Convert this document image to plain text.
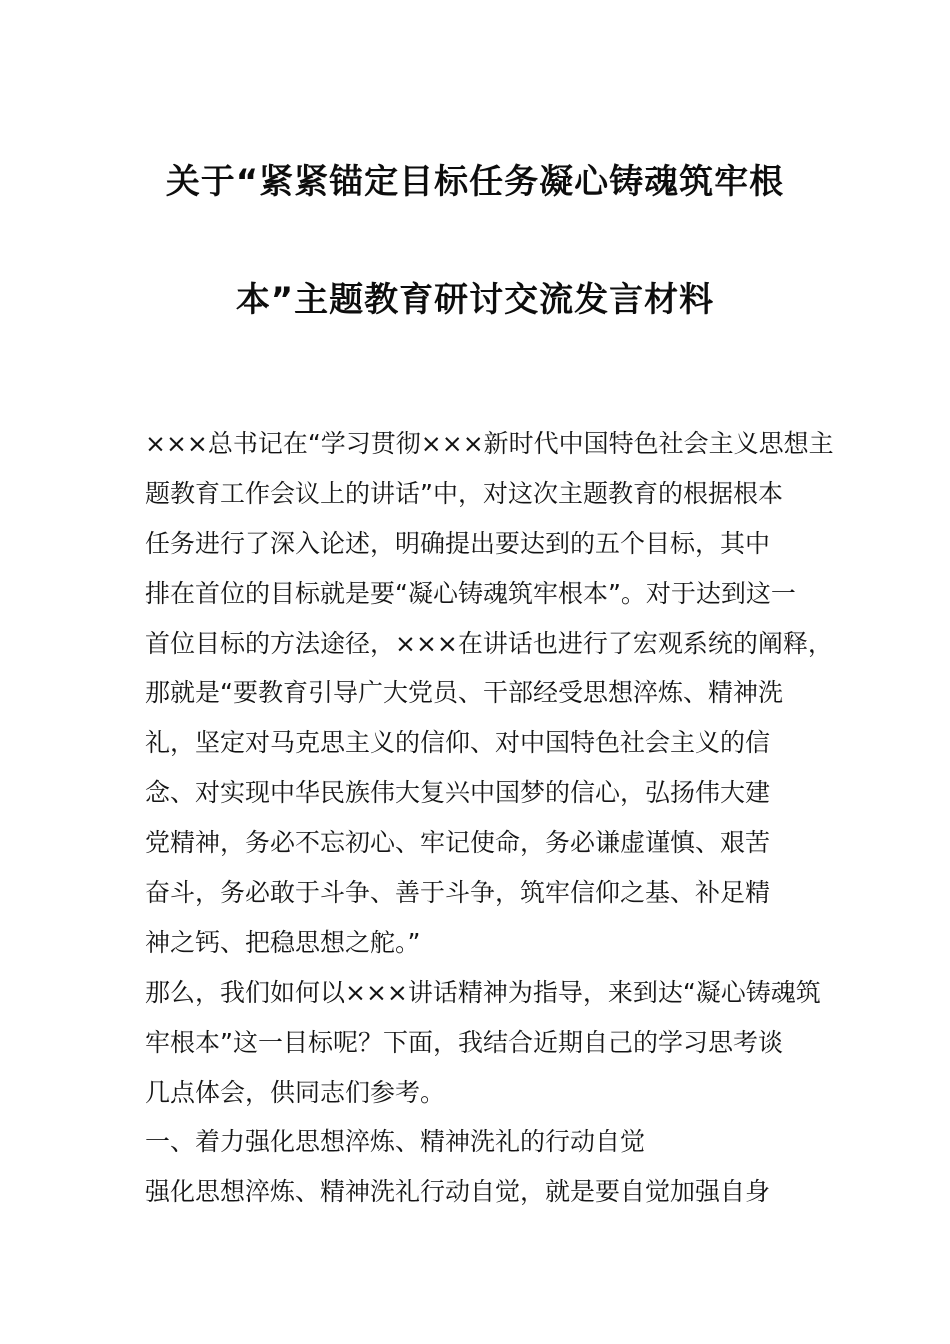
关于“紧紧锚定目标任务凝心铸魂筑牢根
本”主题教育研讨交流发言材料
×××总书记在“学习贯彻×××新时代中国特色社会主义思想主
题教育工作会议上的讲话”中，对这次主题教育的根据根本
任务进行了深入论述，明确提出要达到的五个目标，其中
排在首位的目标就是要“凝心铸魂筑牢根本”。对于达到这一
首位目标的方法途径，×××在讲话也进行了宏观系统的阐释，
那就是“要教育引导广大党员、干部经受思想淬炼、精神洗
礼，坚定对马克思主义的信仰、对中国特色社会主义的信
念、对实现中华民族伟大复兴中国梦的信心，弘扬伟大建
党精神，务必不忘初心、牢记使命，务必谦虚谨慎、艰苦
奋斗，务必敢于斗争、善于斗争，筑牢信仰之基、补足精
神之钙、把稳思想之舵。”
那么，我们如何以×××讲话精神为指导，来到达“凝心铸魂筑
牢根本”这一目标呢？下面，我结合近期自己的学习思考谈
几点体会，供同志们参考。
一、着力强化思想淬炼、精神洗礼的行动自觉
强化思想淬炼、精神洗礼行动自觉，就是要自觉加强自身
